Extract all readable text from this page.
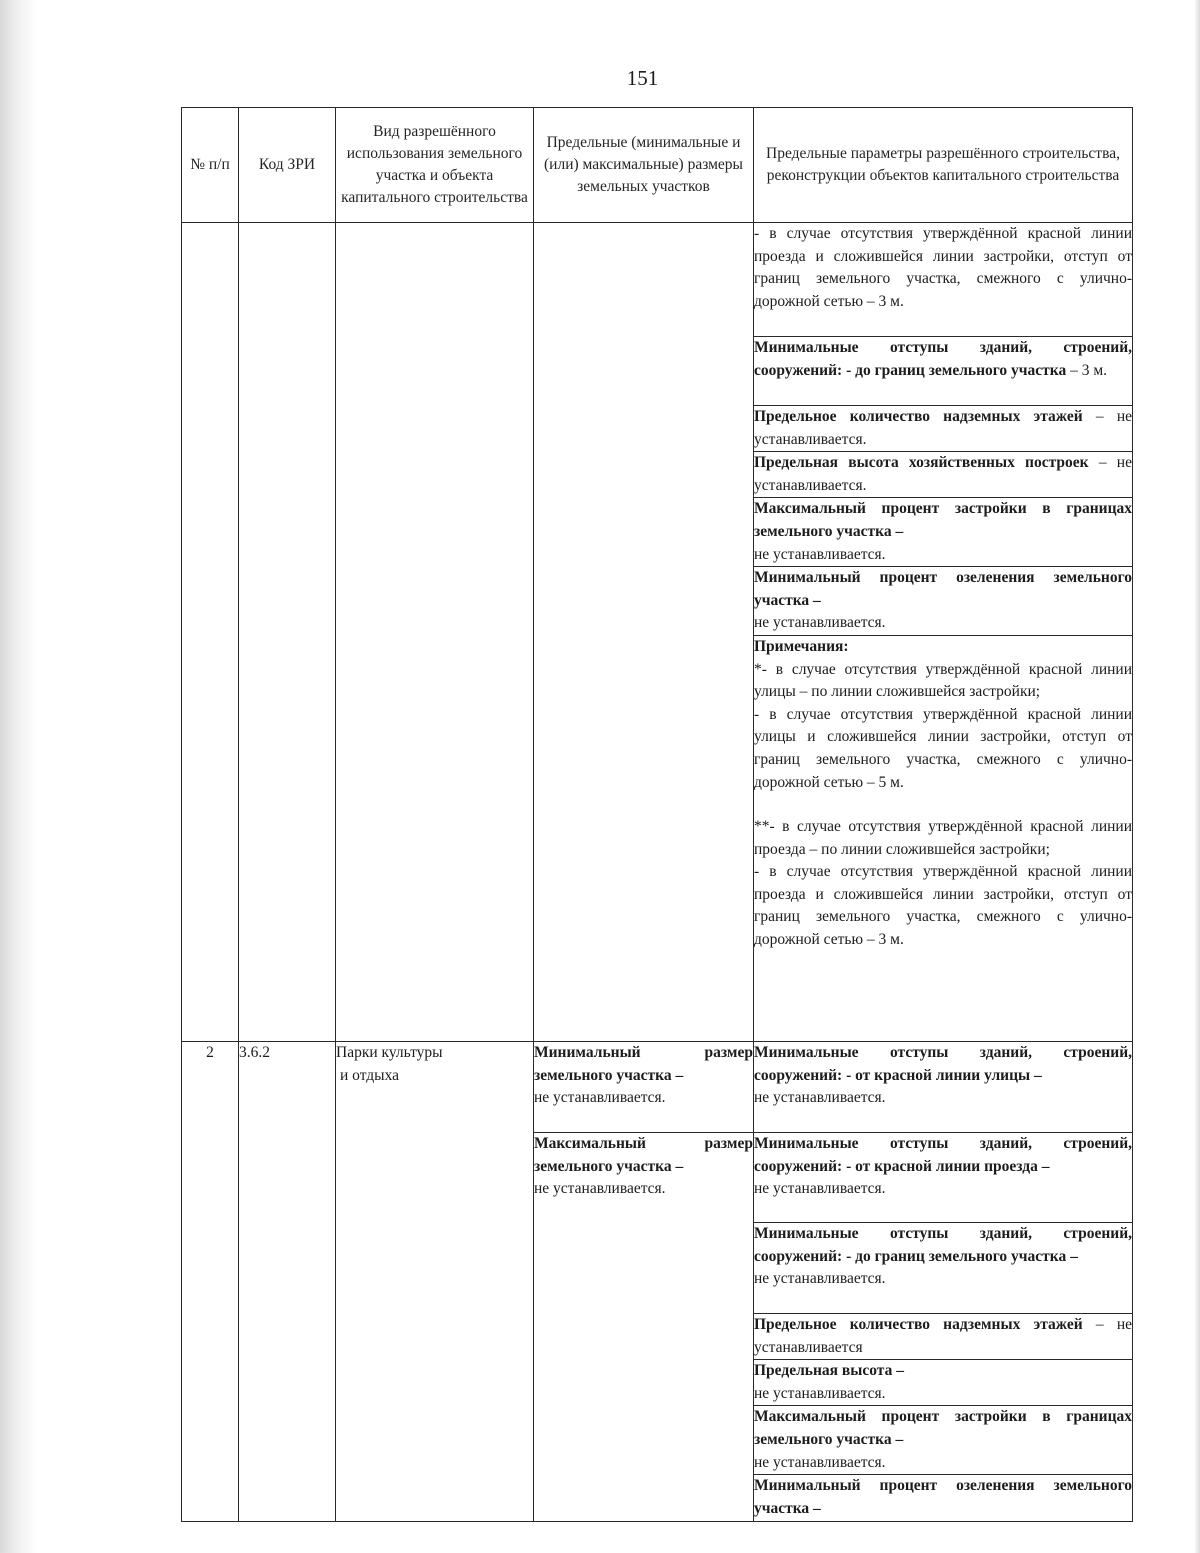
151
№ п/п	Код ЗРИ	Вид разрешённого использования земельного участка и объекта капитального строительства	Предельные (минимальные и (или) максимальные) размеры земельных участков	Предельные параметры разрешённого строительства, реконструкции объектов капитального строительства
				- в случае отсутствия утверждённой красной линии проезда и сложившейся линии застройки, отступ от границ земельного участка, смежного с улично-дорожной сетью – 3 м.
				Минимальные отступы зданий, строений, сооружений: - до границ земельного участка – 3 м.
				Предельное количество надземных этажей – не устанавливается.
				Предельная высота хозяйственных построек – не устанавливается.
				Максимальный процент застройки в границах земельного участка –
не устанавливается.
				Минимальный процент озеленения земельного участка –
не устанавливается.

				Примечания:
*- в случае отсутствия утверждённой красной линии улицы – по линии сложившейся застройки;
- в случае отсутствия утверждённой красной линии улицы и сложившейся линии застройки, отступ от границ земельного участка, смежного с улично-дорожной сетью – 5 м.
**- в случае отсутствия утверждённой красной линии проезда – по линии сложившейся застройки;
- в случае отсутствия утверждённой красной линии проезда и сложившейся линии застройки, отступ от границ земельного участка, смежного с улично-дорожной сетью – 3 м.

2	3.6.2	Парки культуры
и отдыха	Минимальный размер земельного участка –
не устанавливается.	Минимальные отступы зданий, строений, сооружений: - от красной линии улицы –
не устанавливается.
			Максимальный размер земельного участка –
не устанавливается.	Минимальные отступы зданий, строений, сооружений: - от красной линии проезда –
не устанавливается.
				Минимальные отступы зданий, строений, сооружений: - до границ земельного участка –
не устанавливается.
				Предельное количество надземных этажей – не устанавливается
				Предельная высота –
не устанавливается.
				Максимальный процент застройки в границах земельного участка –
не устанавливается.
				Минимальный процент озеленения земельного участка –
